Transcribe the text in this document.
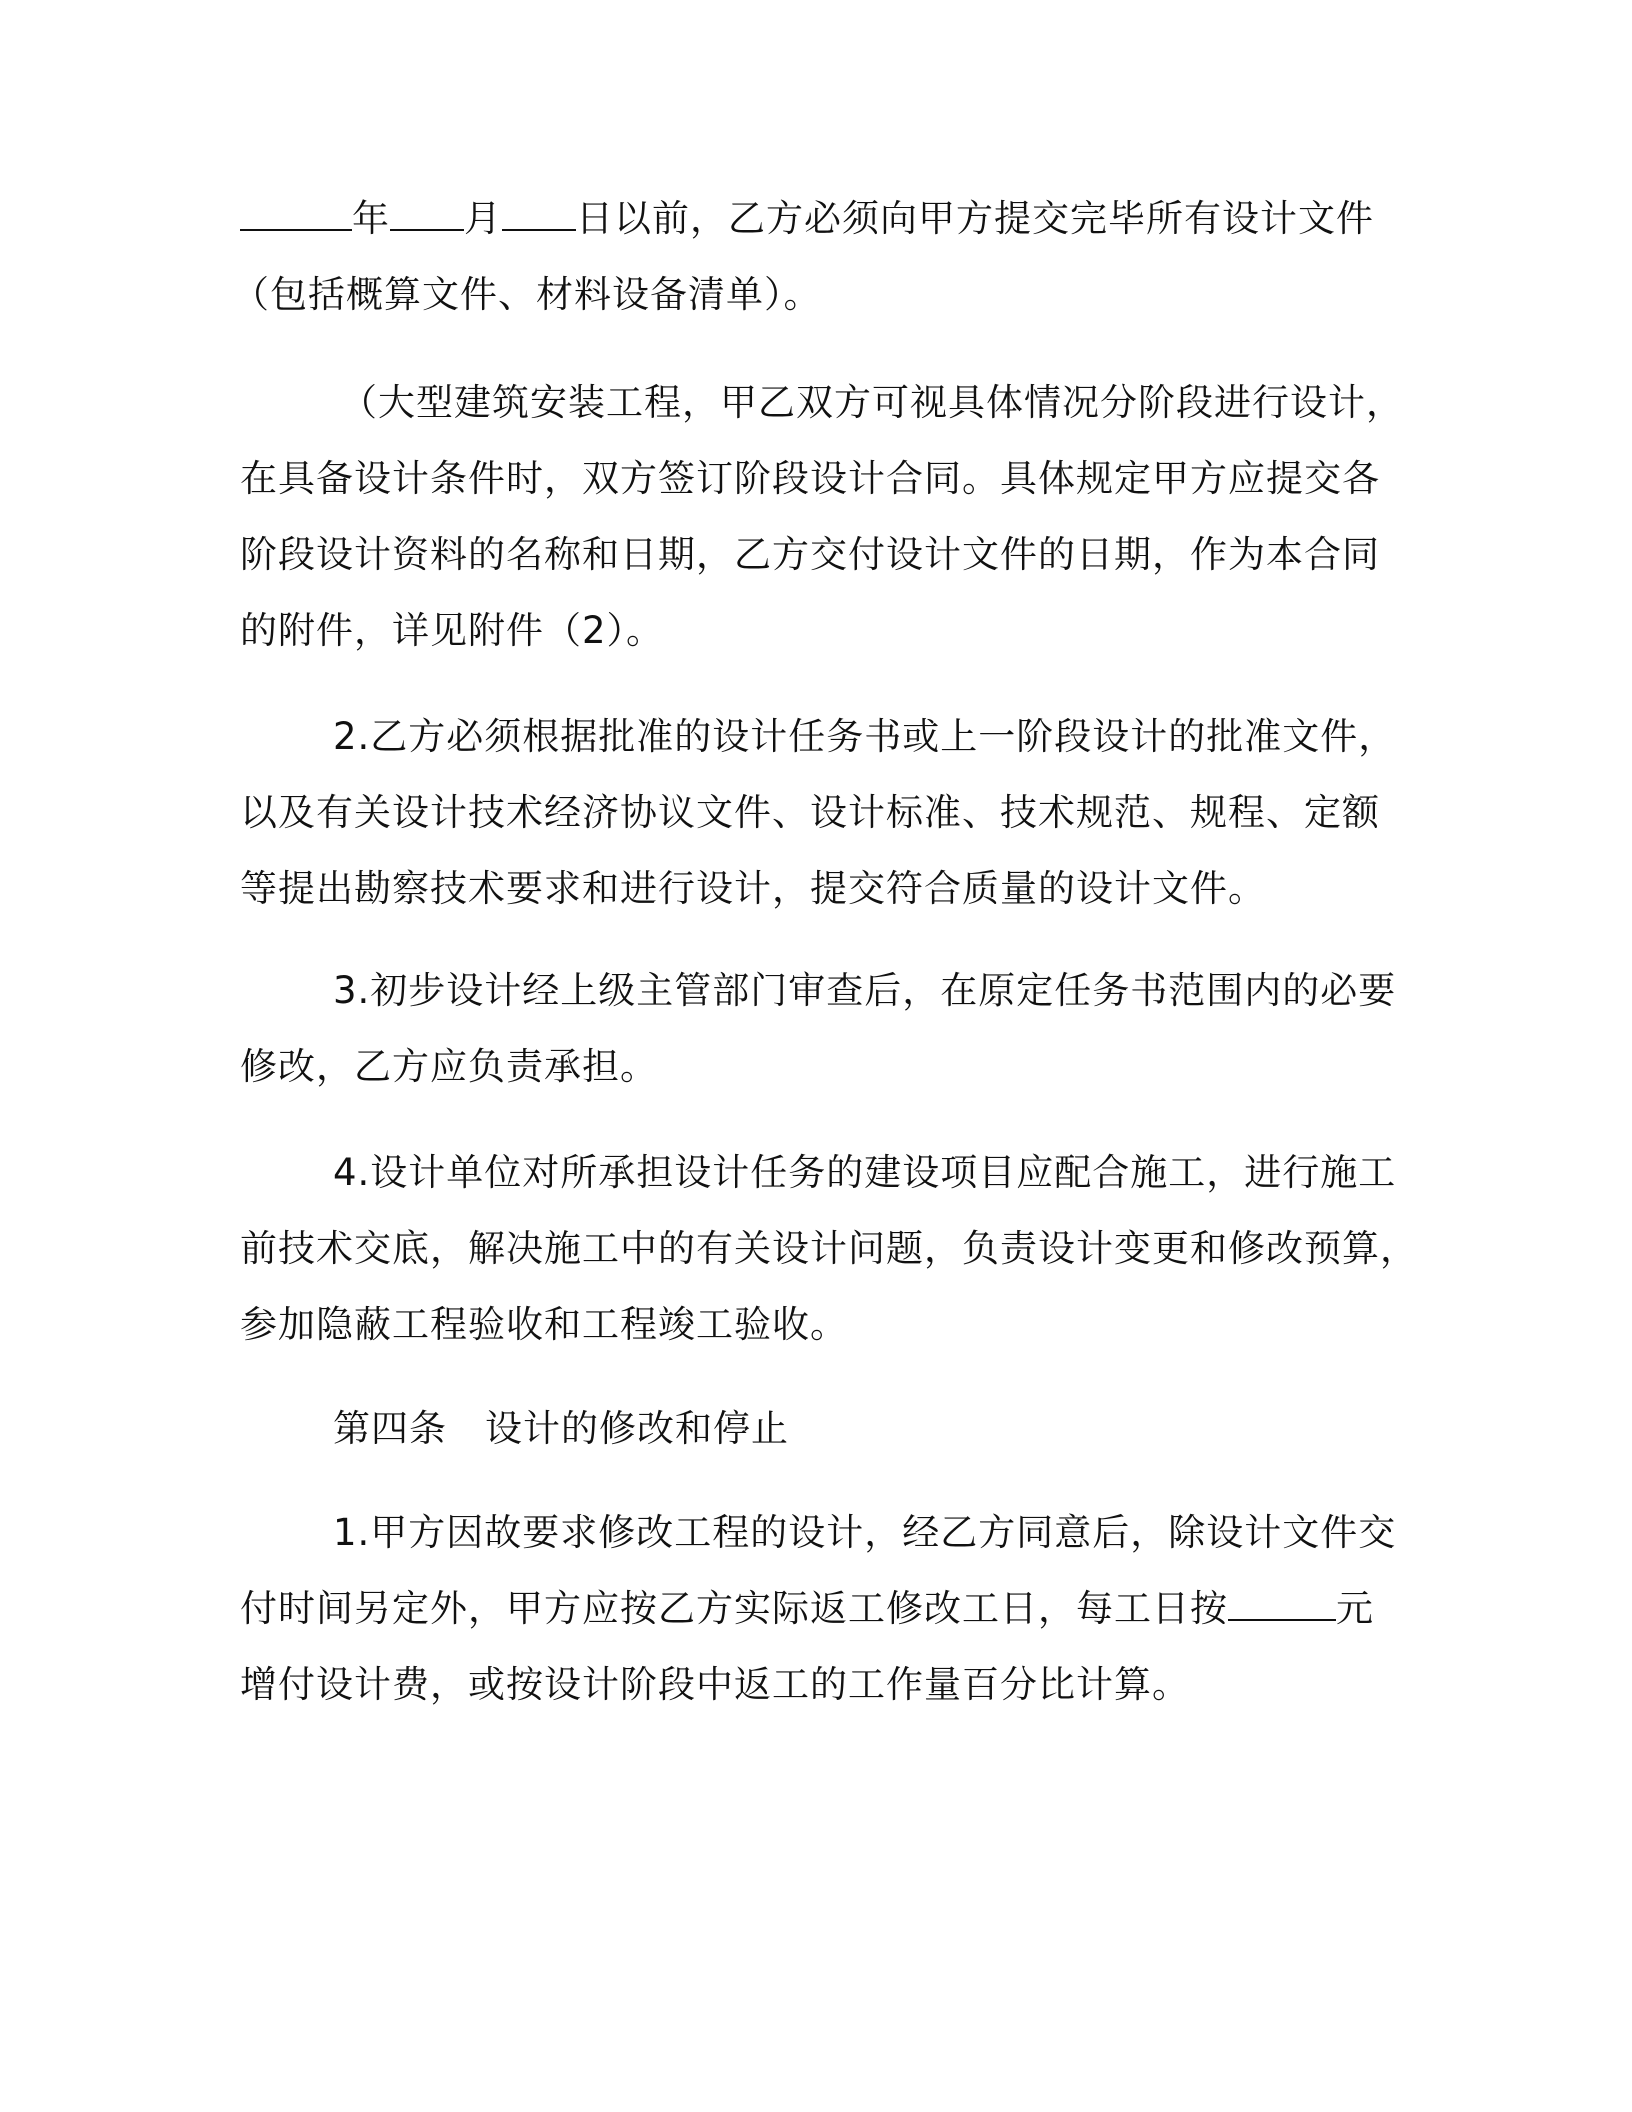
年 月 日以前，乙方必须向甲方提交完毕所有设计文件
（包括概算文件、材料设备清单）。
（大型建筑安装工程，甲乙双方可视具体情况分阶段进行设计，
在具备设计条件时，双方签订阶段设计合同。具体规定甲方应提交各
阶段设计资料的名称和日期，乙方交付设计文件的日期，作为本合同
的附件，详见附件（2）。
2.乙方必须根据批准的设计任务书或上一阶段设计的批准文件，
以及有关设计技术经济协议文件、设计标准、技术规范、规程、定额
等提出勘察技术要求和进行设计，提交符合质量的设计文件。
3.初步设计经上级主管部门审查后，在原定任务书范围内的必要
修改，乙方应负责承担。
4.设计单位对所承担设计任务的建设项目应配合施工，进行施工
前技术交底，解决施工中的有关设计问题，负责设计变更和修改预算，
参加隐蔽工程验收和工程竣工验收。
第四条　设计的修改和停止
1.甲方因故要求修改工程的设计，经乙方同意后，除设计文件交
付时间另定外，甲方应按乙方实际返工修改工日，每工日按	元
增付设计费，或按设计阶段中返工的工作量百分比计算。
